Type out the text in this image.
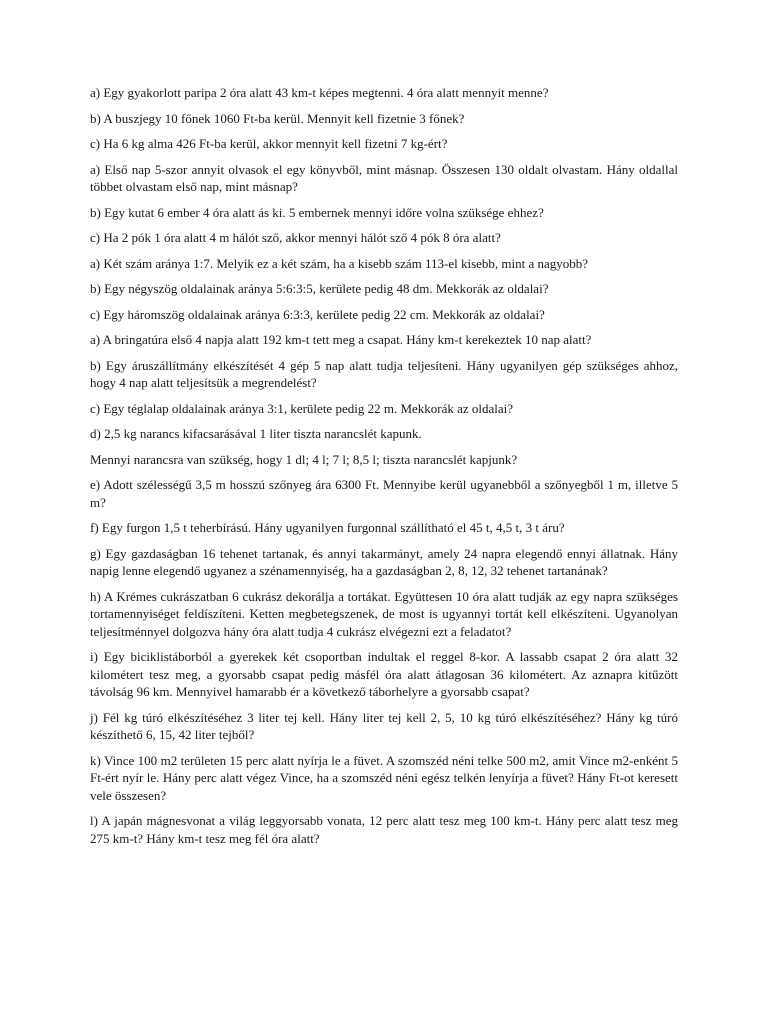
a) Egy gyakorlott paripa 2 óra alatt 43 km-t képes megtenni. 4 óra alatt mennyit menne?

b) A buszjegy 10 főnek 1060 Ft-ba kerül. Mennyit kell fizetnie 3 főnek?

c) Ha 6 kg alma 426 Ft-ba kerül, akkor mennyit kell fizetni 7 kg-ért?

a) Első nap 5-szor annyit olvasok el egy könyvből, mint másnap. Összesen 130 oldalt olvastam. Hány oldallal többet olvastam első nap, mint másnap?

b) Egy kutat 6 ember 4 óra alatt ás ki. 5 embernek mennyi időre volna szüksége ehhez?

c) Ha 2 pók 1 óra alatt 4 m hálót sző, akkor mennyi hálót sző 4 pók 8 óra alatt?

a) Két szám aránya 1:7. Melyik ez a két szám, ha a kisebb szám 113-el kisebb, mint a nagyobb?

b) Egy négyszög oldalainak aránya 5:6:3:5, kerülete pedig 48 dm. Mekkorák az oldalai?

c) Egy háromszög oldalainak aránya 6:3:3, kerülete pedig 22 cm. Mekkorák az oldalai?

a) A bringatúra első 4 napja alatt 192 km-t tett meg a csapat. Hány km-t kerekeztek 10 nap alatt?

b) Egy áruszállítmány elkészítését 4 gép 5 nap alatt tudja teljesíteni. Hány ugyanilyen gép szükséges ahhoz, hogy 4 nap alatt teljesítsük a megrendelést?

c) Egy téglalap oldalainak aránya 3:1, kerülete pedig 22 m. Mekkorák az oldalai?

d) 2,5 kg narancs kifacsarásával 1 liter tiszta narancslét kapunk.

Mennyi narancsra van szükség, hogy 1 dl; 4 l; 7 l; 8,5 l; tiszta narancslét kapjunk?

e) Adott szélességű 3,5 m hosszú szőnyeg ára 6300 Ft. Mennyibe kerül ugyanebből a szőnyegből 1 m, illetve 5 m?

f) Egy furgon 1,5 t teherbírású. Hány ugyanilyen furgonnal szállítható el 45 t, 4,5 t, 3 t áru?

g) Egy gazdaságban 16 tehenet tartanak, és annyi takarmányt, amely 24 napra elegendő ennyi állatnak. Hány napig lenne elegendő ugyanez a szénamennyiség, ha a gazdaságban 2, 8, 12, 32 tehenet tartanának?

h) A Krémes cukrászatban 6 cukrász dekorálja a tortákat. Együttesen 10 óra alatt tudják az egy napra szükséges tortamennyiséget feldíszíteni. Ketten megbetegszenek, de most is ugyannyi tortát kell elkészíteni. Ugyanolyan teljesítménnyel dolgozva hány óra alatt tudja 4 cukrász elvégezni ezt a feladatot?

i) Egy biciklistáborból a gyerekek két csoportban indultak el reggel 8-kor. A lassabb csapat 2 óra alatt 32 kilométert tesz meg, a gyorsabb csapat pedig másfél óra alatt átlagosan 36 kilométert. Az aznapra kitűzött távolság 96 km. Mennyivel hamarabb ér a következő táborhelyre a gyorsabb csapat?

j) Fél kg túró elkészítéséhez 3 liter tej kell. Hány liter tej kell 2, 5, 10 kg túró elkészítéséhez? Hány kg túró készíthető 6, 15, 42 liter tejből?

k) Vince 100 m2 területen 15 perc alatt nyírja le a füvet. A szomszéd néni telke 500 m2, amit Vince m2-enként 5 Ft-ért nyír le. Hány perc alatt végez Vince, ha a szomszéd néni egész telkén lenyírja a füvet? Hány Ft-ot keresett vele összesen?

l) A japán mágnesvonat a világ leggyorsabb vonata, 12 perc alatt tesz meg 100 km-t. Hány perc alatt tesz meg 275 km-t? Hány km-t tesz meg fél óra alatt?
